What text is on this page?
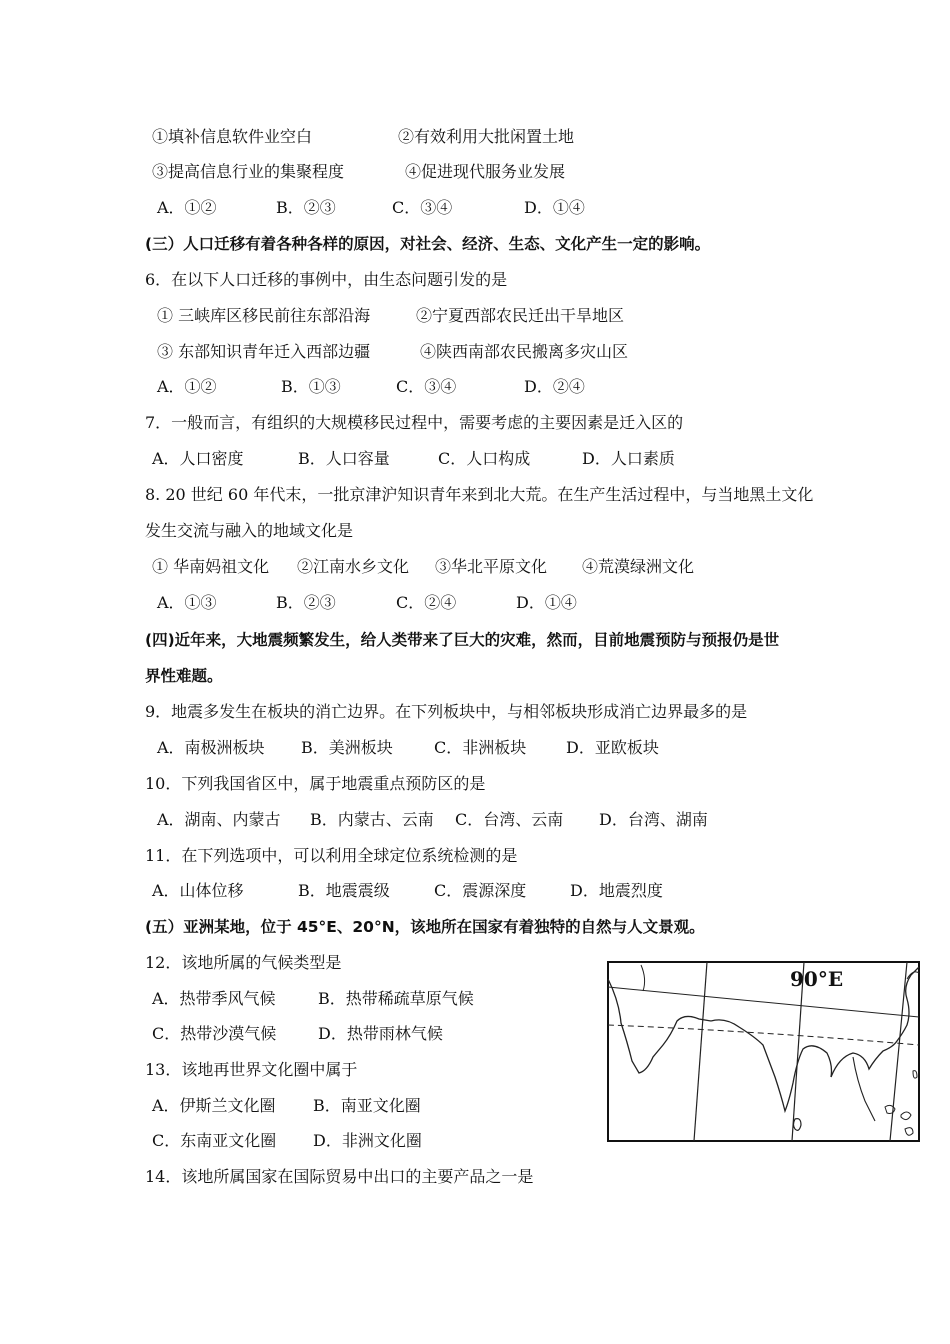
①填补信息软件业空白	②有效利用大批闲置土地
③提高信息行业的集聚程度	④促进现代服务业发展
A．①②	B．②③	C．③④	D．①④
(三）人口迁移有着各种各样的原因，对社会、经济、生态、文化产生一定的影响。
6．在以下人口迁移的事例中，由生态问题引发的是
① 三峡库区移民前往东部沿海	②宁夏西部农民迁出干旱地区
③ 东部知识青年迁入西部边疆	④陕西南部农民搬离多灾山区
A．①②	B．①③	C．③④	D．②④
7．一般而言，有组织的大规模移民过程中，需要考虑的主要因素是迁入区的
A．人口密度	B．人口容量	C．人口构成	D．人口素质
8. 20 世纪 60 年代末，一批京津沪知识青年来到北大荒。在生产生活过程中，与当地黑土文化
发生交流与融入的地域文化是
① 华南妈祖文化 ②江南水乡文化 ③华北平原文化 ④荒漠绿洲文化
A．①③	B．②③	C．②④	D．①④
(四)近年来，大地震频繁发生，给人类带来了巨大的灾难，然而，目前地震预防与预报仍是世
界性难题。
9．地震多发生在板块的消亡边界。在下列板块中，与相邻板块形成消亡边界最多的是
A．南极洲板块 B．美洲板块	C．非洲板块 D．亚欧板块
10．下列我国省区中，属于地震重点预防区的是
A．湖南、内蒙古 B．内蒙古、云南 C．台湾、云南 D．台湾、湖南
11．在下列选项中，可以利用全球定位系统检测的是
A．山体位移	B．地震震级	C．震源深度	D．地震烈度
(五）亚洲某地，位于 45°E、20°N，该地所在国家有着独特的自然与人文景观。
12．该地所属的气候类型是
A．热带季风气候	B．热带稀疏草原气候
C．热带沙漠气候	D．热带雨林气候
13．该地再世界文化圈中属于
A．伊斯兰文化圈 B．南亚文化圈
C．东南亚文化圈 D．非洲文化圈
14．该地所属国家在国际贸易中出口的主要产品之一是
90°E
